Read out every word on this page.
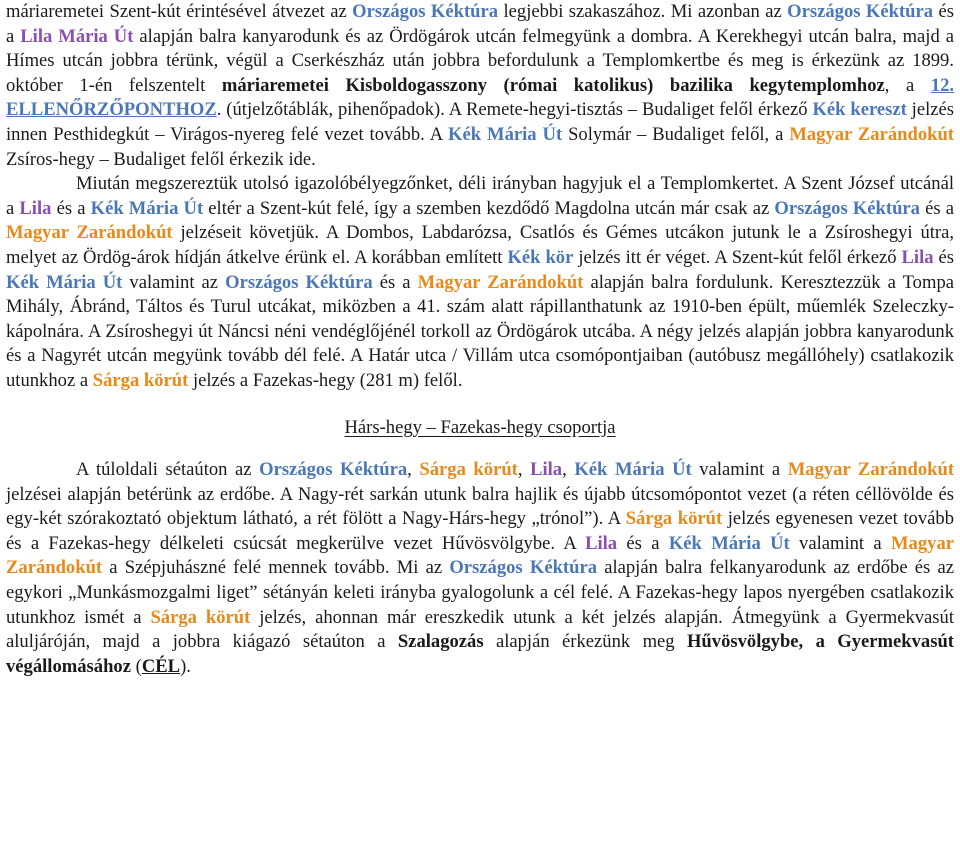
máriaremetei Szent-kút érintésével átvezet az Országos Kéktúra legjebbi szakaszához. Mi azonban az Országos Kéktúra és a Lila Mária Út alapján balra kanyarodunk és az Ördögárok utcán felmegyünk a dombra. A Kerekhegyi utcán balra, majd a Hímes utcán jobbra térünk, végül a Cserkészház után jobbra befordulunk a Templomkertbe és meg is érkezünk az 1899. október 1-én felszentelt máriaremetei Kisboldogasszony (római katolikus) bazilika kegytemplomhoz, a 12. ELLENŐRZŐPONTHOZ. (útjelzőtáblák, pihenőpadok). A Remete-hegyi-tisztás – Budaliget felől érkező Kék kereszt jelzés innen Pesthidegkút – Virágos-nyereg felé vezet tovább. A Kék Mária Út Solymár – Budaliget felől, a Magyar Zarándokút Zsíros-hegy – Budaliget felől érkezik ide.

Miután megszereztük utolsó igazolóbélyegzőnket, déli irányban hagyjuk el a Templomkertet. A Szent József utcánál a Lila és a Kék Mária Út eltér a Szent-kút felé, így a szemben kezdődő Magdolna utcán már csak az Országos Kéktúra és a Magyar Zarándokút jelzéseit követjük. A Dombos, Labdarózsa, Csatlós és Gémes utcákon jutunk le a Zsíroshegyi útra, melyet az Ördög-árok hídján átkelve érünk el. A korábban említett Kék kör jelzés itt ér véget. A Szent-kút felől érkező Lila és Kék Mária Út valamint az Országos Kéktúra és a Magyar Zarándokút alapján balra fordulunk. Keresztezzük a Tompa Mihály, Ábránd, Táltos és Turul utcákat, miközben a 41. szám alatt rápillanthatunk az 1910-ben épült, műemlék Szeleczky-kápolnára. A Zsíroshegyi út Náncsi néni vendéglőjénél torkoll az Ördögárok utcába. A négy jelzés alapján jobbra kanyarodunk és a Nagyrét utcán megyünk tovább dél felé. A Határ utca / Villám utca csomópontjaiban (autóbusz megállóhely) csatlakozik utunkhoz a Sárga körút jelzés a Fazekas-hegy (281 m) felől.

Hárs-hegy – Fazekas-hegy csoportja

A túloldali sétaúton az Országos Kéktúra, Sárga körút, Lila, Kék Mária Út valamint a Magyar Zarándokút jelzései alapján betérünk az erdőbe. A Nagy-rét sarkán utunk balra hajlik és újabb útcsomópontot vezet (a réten céllövölde és egy-két szórakoztató objektum látható, a rét fölött a Nagy-Hárs-hegy „trónol”). A Sárga körút jelzés egyenesen vezet tovább és a Fazekas-hegy délkeleti csúcsát megkerülve vezet Hűvösvölgybe. A Lila és a Kék Mária Út valamint a Magyar Zarándokút a Szépjuhászné felé mennek tovább. Mi az Országos Kéktúra alapján balra felkanyarodunk az erdőbe és az egykori „Munkásmozgalmi liget” sétányán keleti irányba gyalogolunk a cél felé. A Fazekas-hegy lapos nyergében csatlakozik utunkhoz ismét a Sárga körút jelzés, ahonnan már ereszkedik utunk a két jelzés alapján. Átmegyünk a Gyermekvasút aluljáróján, majd a jobbra kiágazó sétaúton a Szalagozás alapján érkezünk meg Hűvösvölgybe, a Gyermekvasút végállomásához (CÉL).
